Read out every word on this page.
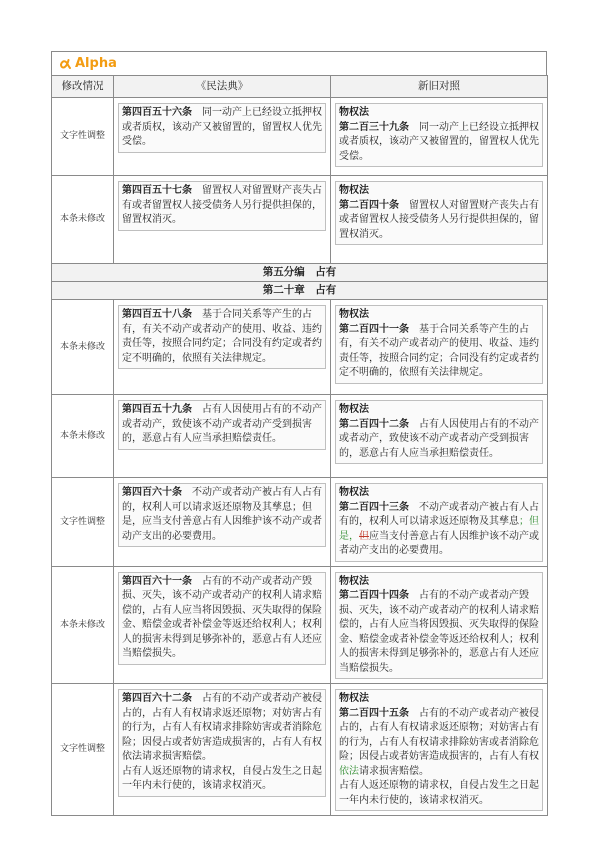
Alpha
修改情况	《民法典》	新旧对照
文字性调整	第四百五十六条　同一动产上已经设立抵押权或者质权，该动产又被留置的，留置权人优先受偿。	物权法
第二百三十九条　同一动产上已经设立抵押权或者质权，该动产又被留置的，留置权人优先受偿。

本条未修改	第四百五十七条　留置权人对留置财产丧失占有或者留置权人接受债务人另行提供担保的，留置权消灭。	物权法
第二百四十条　留置权人对留置财产丧失占有或者留置权人接受债务人另行提供担保的，留置权消灭。

第五分编　占有		
第二十章　占有		
本条未修改	第四百五十八条　基于合同关系等产生的占有，有关不动产或者动产的使用、收益、违约责任等，按照合同约定；合同没有约定或者约定不明确的，依照有关法律规定。	物权法
第二百四十一条　基于合同关系等产生的占有，有关不动产或者动产的使用、收益、违约责任等，按照合同约定；合同没有约定或者约定不明确的，依照有关法律规定。

本条未修改	第四百五十九条　占有人因使用占有的不动产或者动产，致使该不动产或者动产受到损害的，恶意占有人应当承担赔偿责任。	物权法
第二百四十二条　占有人因使用占有的不动产或者动产，致使该不动产或者动产受到损害的，恶意占有人应当承担赔偿责任。

文字性调整	第四百六十条　不动产或者动产被占有人占有的，权利人可以请求返还原物及其孳息；但是，应当支付善意占有人因维护该不动产或者动产支出的必要费用。	物权法
第二百四十三条　不动产或者动产被占有人占有的，权利人可以请求返还原物及其孳息；但是，但应当支付善意占有人因维护该不动产或者动产支出的必要费用。

本条未修改	第四百六十一条　占有的不动产或者动产毁损、灭失，该不动产或者动产的权利人请求赔偿的，占有人应当将因毁损、灭失取得的保险金、赔偿金或者补偿金等返还给权利人；权利人的损害未得到足够弥补的，恶意占有人还应当赔偿损失。	物权法
第二百四十四条　占有的不动产或者动产毁损、灭失，该不动产或者动产的权利人请求赔偿的，占有人应当将因毁损、灭失取得的保险金、赔偿金或者补偿金等返还给权利人；权利人的损害未得到足够弥补的，恶意占有人还应当赔偿损失。

文字性调整	第四百六十二条　占有的不动产或者动产被侵占的，占有人有权请求返还原物；对妨害占有的行为，占有人有权请求排除妨害或者消除危险；因侵占或者妨害造成损害的，占有人有权依法请求损害赔偿。
占有人返还原物的请求权，自侵占发生之日起一年内未行使的，该请求权消灭。	物权法
第二百四十五条　占有的不动产或者动产被侵占的，占有人有权请求返还原物；对妨害占有的行为，占有人有权请求排除妨害或者消除危险；因侵占或者妨害造成损害的，占有人有权依法请求损害赔偿。
占有人返还原物的请求权，自侵占发生之日起一年内未行使的，该请求权消灭。
